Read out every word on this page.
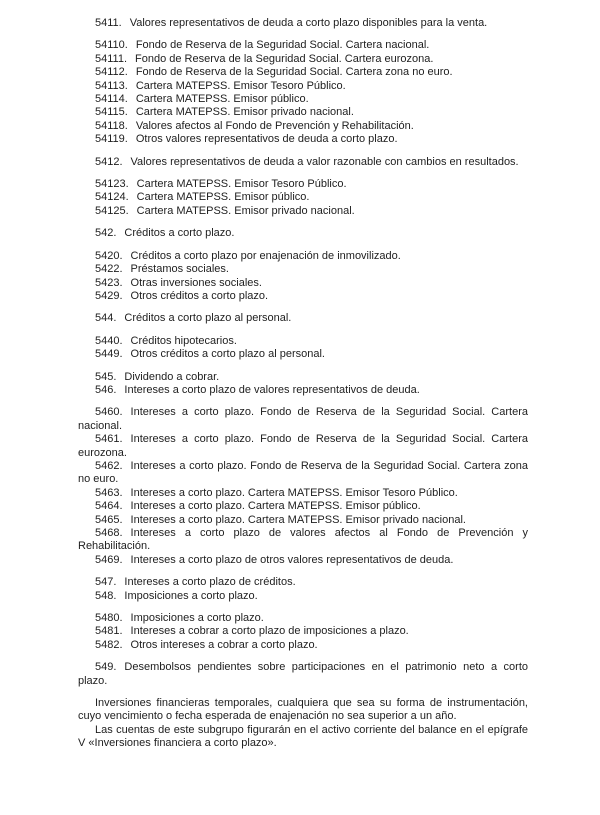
5411. Valores representativos de deuda a corto plazo disponibles para la venta.

54110. Fondo de Reserva de la Seguridad Social. Cartera nacional.

54111. Fondo de Reserva de la Seguridad Social. Cartera eurozona.

54112. Fondo de Reserva de la Seguridad Social. Cartera zona no euro.

54113. Cartera MATEPSS. Emisor Tesoro Público.

54114. Cartera MATEPSS. Emisor público.

54115. Cartera MATEPSS. Emisor privado nacional.

54118. Valores afectos al Fondo de Prevención y Rehabilitación.

54119. Otros valores representativos de deuda a corto plazo.

5412. Valores representativos de deuda a valor razonable con cambios en resultados.

54123. Cartera MATEPSS. Emisor Tesoro Público.

54124. Cartera MATEPSS. Emisor público.

54125. Cartera MATEPSS. Emisor privado nacional.

542. Créditos a corto plazo.

5420. Créditos a corto plazo por enajenación de inmovilizado.

5422. Préstamos sociales.

5423. Otras inversiones sociales.

5429. Otros créditos a corto plazo.

544. Créditos a corto plazo al personal.

5440. Créditos hipotecarios.

5449. Otros créditos a corto plazo al personal.

545. Dividendo a cobrar.

546. Intereses a corto plazo de valores representativos de deuda.

5460. Intereses a corto plazo. Fondo de Reserva de la Seguridad Social. Cartera nacional.

5461. Intereses a corto plazo. Fondo de Reserva de la Seguridad Social. Cartera eurozona.

5462. Intereses a corto plazo. Fondo de Reserva de la Seguridad Social. Cartera zona no euro.

5463. Intereses a corto plazo. Cartera MATEPSS. Emisor Tesoro Público.

5464. Intereses a corto plazo. Cartera MATEPSS. Emisor público.

5465. Intereses a corto plazo. Cartera MATEPSS. Emisor privado nacional.

5468. Intereses a corto plazo de valores afectos al Fondo de Prevención y Rehabilitación.

5469. Intereses a corto plazo de otros valores representativos de deuda.

547. Intereses a corto plazo de créditos.

548. Imposiciones a corto plazo.

5480. Imposiciones a corto plazo.

5481. Intereses a cobrar a corto plazo de imposiciones a plazo.

5482. Otros intereses a cobrar a corto plazo.

549. Desembolsos pendientes sobre participaciones en el patrimonio neto a corto plazo.

Inversiones financieras temporales, cualquiera que sea su forma de instrumentación, cuyo vencimiento o fecha esperada de enajenación no sea superior a un año.

Las cuentas de este subgrupo figurarán en el activo corriente del balance en el epígrafe V «Inversiones financiera a corto plazo».
